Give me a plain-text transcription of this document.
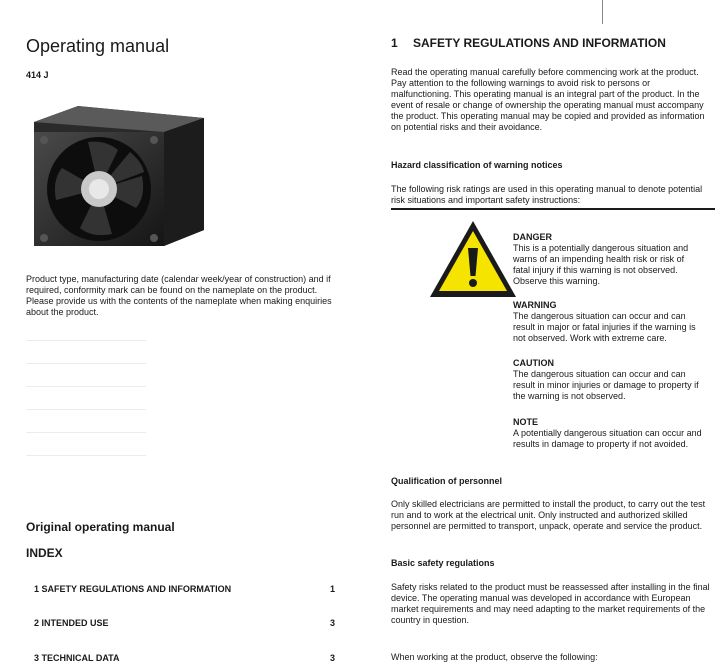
Operating manual
414 J

Product type, manufacturing date (calendar week/year of construction) and if required, conformity mark can be found on the nameplate on the product.

Please provide us with the contents of the nameplate when making enquiries about the product.

Original operating manual
INDEX
1 SAFETY REGULATIONS AND INFORMATION	1
2 INTENDED USE	3
3 TECHNICAL DATA	3
1 SAFETY REGULATIONS AND INFORMATION

Read the operating manual carefully before commencing work at the product. Pay attention to the following warnings to avoid risk to persons or malfunctioning. This operating manual is an integral part of the product. In the event of resale or change of ownership the operating manual must accompany the product. This operating manual may be copied and provided as information on potential risks and their avoidance.

Hazard classification of warning notices

The following risk ratings are used in this operating manual to denote potential risk situations and important safety instructions:

DANGER

This is a potentially dangerous situation and warns of an impending health risk or risk of fatal injury if this warning is not observed. Observe this warning.

WARNING

The dangerous situation can occur and can result in major or fatal injuries if the warning is not observed. Work with extreme care.

CAUTION

The dangerous situation can occur and can result in minor injuries or damage to property if the warning is not observed.

NOTE

A potentially dangerous situation can occur and results in damage to property if not avoided.

Qualification of personnel

Only skilled electricians are permitted to install the product, to carry out the test run and to work at the electrical unit. Only instructed and authorized skilled personnel are permitted to transport, unpack, operate and service the product.

Basic safety regulations

Safety risks related to the product must be reassessed after installing in the final device. The operating manual was developed in accordance with European market requirements and may need adapting to the market requirements of the country in question.

When working at the product, observe the following:
